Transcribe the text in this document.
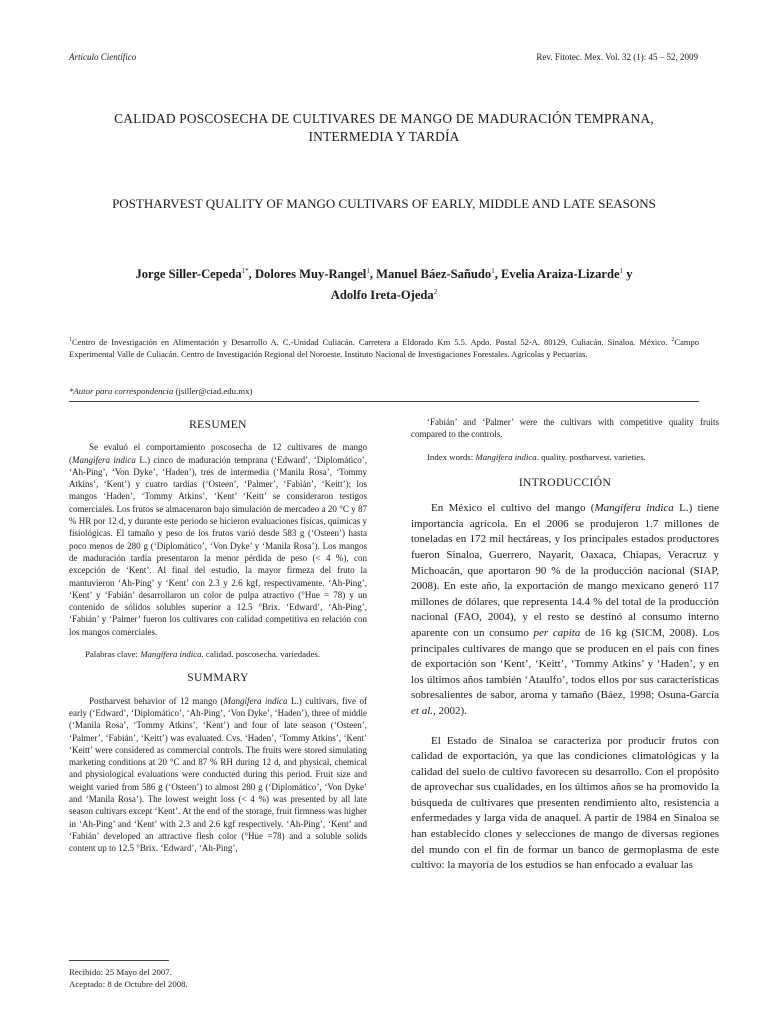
Artículo Científico	Rev. Fitotec. Mex. Vol. 32 (1): 45 – 52, 2009
CALIDAD POSCOSECHA DE CULTIVARES DE MANGO DE MADURACIÓN TEMPRANA,
INTERMEDIA Y TARDÍA
POSTHARVEST QUALITY OF MANGO CULTIVARS OF EARLY, MIDDLE AND LATE SEASONS
Jorge Siller-Cepeda$^{1*}$, Dolores Muy-Rangel$^1$, Manuel Báez-Sañudo$^1$, Evelia Araiza-Lizarde$^1$ y
Adolfo Ireta-Ojeda$^2$
$^1$Centro de Investigación en Alimentación y Desarrollo A. C.-Unidad Culiacán. Carretera a Eldorado Km 5.5. Apdo. Postal 52-A. 80129. Culiacán. Sinaloa. México. $^2$Campo Experimental Valle de Culiacán. Centro de Investigación Regional del Noroeste. Instituto Nacional de Investigaciones Forestales. Agrícolas y Pecuarias.
*Autor para correspondencia (jsiller@ciad.edu.mx)
RESUMEN

Se evaluó el comportamiento poscosecha de 12 cultivares de mango (Mangifera indica L.) cinco de maduración temprana (‘Edward’, ‘Diplomático’, ‘Ah-Ping’, ‘Von Dyke’, ‘Haden’), tres de intermedia (‘Manila Rosa’, ‘Tommy Atkins’, ‘Kent’) y cuatro tardías (‘Osteen’, ‘Palmer’, ‘Fabián’, ‘Keitt’); los mangos ‘Haden’, ‘Tommy Atkins’, ‘Kent’ ‘Keitt’ se consideraron testigos comerciales. Los frutos se almacenaron bajo simulación de mercadeo a 20 °C y 87 % HR por 12 d, y durante este periodo se hicieron evaluaciones físicas, químicas y fisiológicas. El tamaño y peso de los frutos varió desde 583 g (‘Osteen’) hasta poco menos de 280 g (‘Diplomático’, ‘Von Dyke’ y ‘Manila Rosa’). Los mangos de maduración tardía presentaron la menor pérdida de peso (< 4 %), con excepción de ‘Kent’. Al final del estudio, la mayor firmeza del fruto la mantuvieron ‘Ah-Ping’ y ‘Kent’ con 2.3 y 2.6 kgf, respectivamente. ‘Ah-Ping’, ‘Kent’ y ‘Fabián’ desarrollaron un color de pulpa atractivo (°Hue = 78) y un contenido de sólidos solubles superior a 12.5 °Brix. ‘Edward’, ‘Ah-Ping’, ‘Fabián’ y ‘Palmer’ fueron los cultivares con calidad competitiva en relación con los mangos comerciales.

Palabras clave: Mangifera indica. calidad. poscosecha. variedades.

SUMMARY

Postharvest behavior of 12 mango (Mangifera indica L.) cultivars, five of early (‘Edward’, ‘Diplomático’, ‘Ah-Ping’, ‘Von Dyke’, ‘Haden’), three of middle (‘Manila Rosa’, ‘Tommy Atkins’, ‘Kent’) and four of late season (‘Osteen’, ‘Palmer’, ‘Fabián’, ‘Keitt’) was evaluated. Cvs. ‘Haden’, ‘Tommy Atkins’, ‘Kent’ ‘Keitt’ were considered as commercial controls. The fruits were stored simulating marketing conditions at 20 °C and 87 % RH during 12 d, and physical, chemical and physiological evaluations were conducted during this period. Fruit size and weight varied from 586 g (‘Osteen’) to almost 280 g (‘Diplomático’, ‘Von Dyke’ and ‘Manila Rosa’). The lowest weight loss (< 4 %) was presented by all late season cultivars except ‘Kent’. At the end of the storage, fruit firmness was higher in ‘Ah-Ping’ and ‘Kent’ with 2.3 and 2.6 kgf respectively. ‘Ah-Ping’, ‘Kent’ and ‘Fabián’ developed an attractive flesh color (°Hue =78) and a soluble solids content up to 12.5 °Brix. ‘Edward’, ‘Ah-Ping’,

‘Fabián’ and ‘Palmer’ were the cultivars with competitive quality fruits compared to the controls.

Index words: Mangifera indica. quality. postharvest. varieties.

INTRODUCCIÓN

En México el cultivo del mango (Mangifera indica L.) tiene importancia agrícola. En el 2006 se produjeron 1.7 millones de toneladas en 172 mil hectáreas, y los principales estados productores fueron Sinaloa, Guerrero, Nayarit, Oaxaca, Chiapas, Veracruz y Michoacán, que aportaron 90 % de la producción nacional (SIAP, 2008). En este año, la exportación de mango mexicano generó 117 millones de dólares, que representa 14.4 % del total de la producción nacional (FAO, 2004), y el resto se destinó al consumo interno aparente con un consumo per capita de 16 kg (SICM, 2008). Los principales cultivares de mango que se producen en el país con fines de exportación son ‘Kent’, ‘Keitt’, ‘Tommy Atkins’ y ‘Haden’, y en los últimos años también ‘Ataulfo’, todos ellos por sus características sobresalientes de sabor, aroma y tamaño (Báez, 1998; Osuna-García et al., 2002).

El Estado de Sinaloa se caracteriza por producir frutos con calidad de exportación, ya que las condiciones climatológicas y la calidad del suelo de cultivo favorecen su desarrollo. Con el propósito de aprovechar sus cualidades, en los últimos años se ha promovido la búsqueda de cultivares que presenten rendimiento alto, resistencia a enfermedades y larga vida de anaquel. A partir de 1984 en Sinaloa se han establecido clones y selecciones de mango de diversas regiones del mundo con el fin de formar un banco de germoplasma de este cultivo: la mayoría de los estudios se han enfocado a evaluar las

Recibido: 25 Mayo del 2007.
Aceptado: 8 de Octubre del 2008.
